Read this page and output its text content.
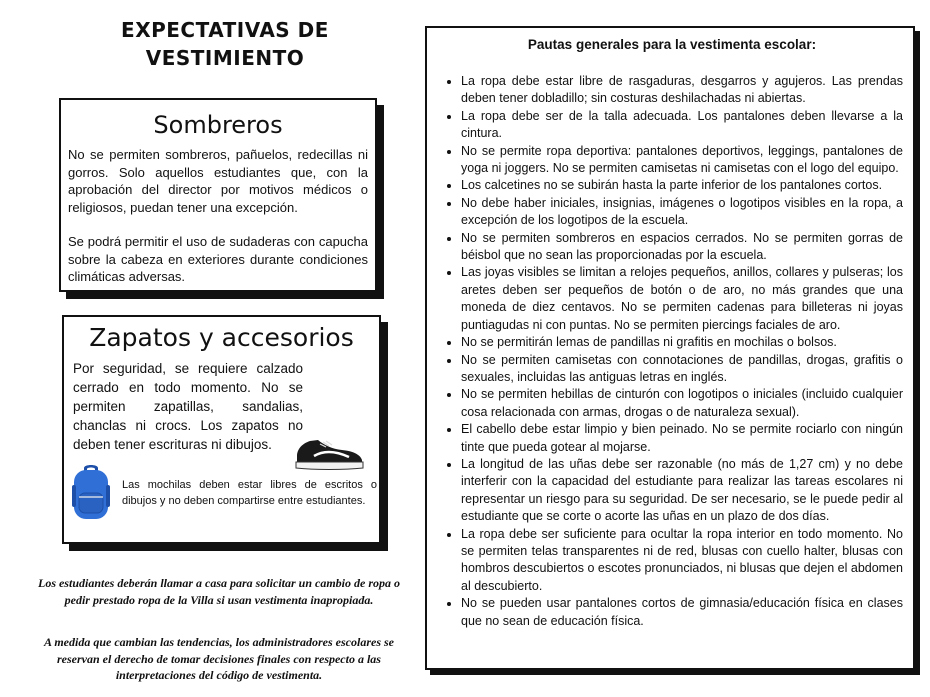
EXPECTATIVAS DE VESTIMIENTO
Sombreros

No se permiten sombreros, pañuelos, redecillas ni gorros. Solo aquellos estudiantes que, con la aprobación del director por motivos médicos o religiosos, puedan tener una excepción.

Se podrá permitir el uso de sudaderas con capucha sobre la cabeza en exteriores durante condiciones climáticas adversas.

Zapatos y accesorios

Por seguridad, se requiere calzado cerrado en todo momento. No se permiten zapatillas, sandalias, chanclas ni crocs. Los zapatos no deben tener escrituras ni dibujos.

Las mochilas deben estar libres de escritos o dibujos y no deben compartirse entre estudiantes.

Los estudiantes deberán llamar a casa para solicitar un cambio de ropa o pedir prestado ropa de la Villa si usan vestimenta inapropiada.

A medida que cambian las tendencias, los administradores escolares se reservan el derecho de tomar decisiones finales con respecto a las interpretaciones del código de vestimenta.

Pautas generales para la vestimenta escolar:
La ropa debe estar libre de rasgaduras, desgarros y agujeros. Las prendas deben tener dobladillo; sin costuras deshilachadas ni abiertas.
La ropa debe ser de la talla adecuada. Los pantalones deben llevarse a la cintura.
No se permite ropa deportiva: pantalones deportivos, leggings, pantalones de yoga ni joggers. No se permiten camisetas ni camisetas con el logo del equipo.
Los calcetines no se subirán hasta la parte inferior de los pantalones cortos.
No debe haber iniciales, insignias, imágenes o logotipos visibles en la ropa, a excepción de los logotipos de la escuela.
No se permiten sombreros en espacios cerrados. No se permiten gorras de béisbol que no sean las proporcionadas por la escuela.
Las joyas visibles se limitan a relojes pequeños, anillos, collares y pulseras; los aretes deben ser pequeños de botón o de aro, no más grandes que una moneda de diez centavos. No se permiten cadenas para billeteras ni joyas puntiagudas ni con puntas. No se permiten piercings faciales de aro.
No se permitirán lemas de pandillas ni grafitis en mochilas o bolsos.
No se permiten camisetas con connotaciones de pandillas, drogas, grafitis o sexuales, incluidas las antiguas letras en inglés.
No se permiten hebillas de cinturón con logotipos o iniciales (incluido cualquier cosa relacionada con armas, drogas o de naturaleza sexual).
El cabello debe estar limpio y bien peinado. No se permite rociarlo con ningún tinte que pueda gotear al mojarse.
La longitud de las uñas debe ser razonable (no más de 1,27 cm) y no debe interferir con la capacidad del estudiante para realizar las tareas escolares ni representar un riesgo para su seguridad. De ser necesario, se le puede pedir al estudiante que se corte o acorte las uñas en un plazo de dos días.
La ropa debe ser suficiente para ocultar la ropa interior en todo momento. No se permiten telas transparentes ni de red, blusas con cuello halter, blusas con hombros descubiertos o escotes pronunciados, ni blusas que dejen el abdomen al descubierto.
No se pueden usar pantalones cortos de gimnasia/educación física en clases que no sean de educación física.
